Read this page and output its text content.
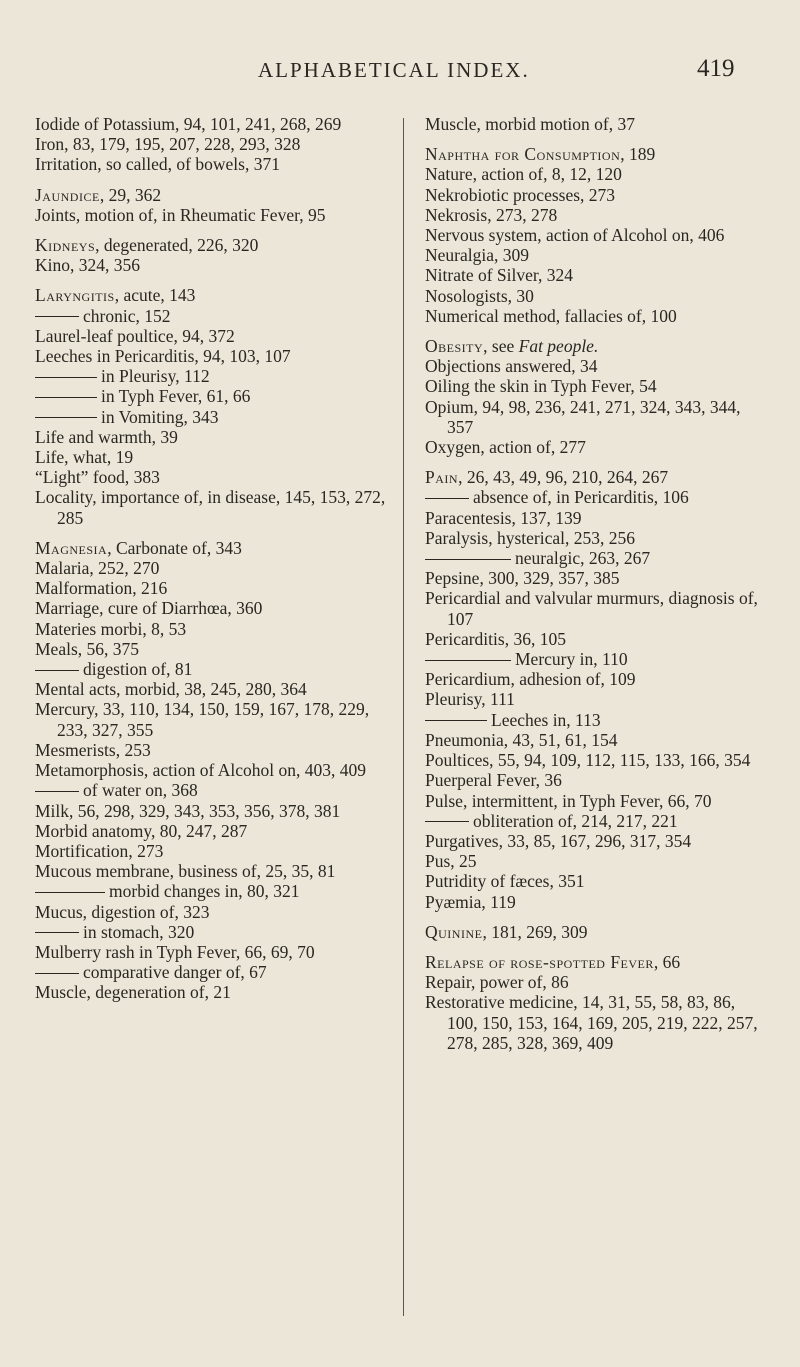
ALPHABETICAL INDEX.	419
Iodide of Potassium, 94, 101, 241, 268, 269
Iron, 83, 179, 195, 207, 228, 293, 328
Irritation, so called, of bowels, 371
Jaundice, 29, 362
Joints, motion of, in Rheumatic Fever, 95
Kidneys, degenerated, 226, 320
Kino, 324, 356
Laryngitis, acute, 143
chronic, 152
Laurel-leaf poultice, 94, 372
Leeches in Pericarditis, 94, 103, 107
in Pleurisy, 112
in Typh Fever, 61, 66
in Vomiting, 343
Life and warmth, 39
Life, what, 19
“Light” food, 383
Locality, importance of, in disease, 145, 153, 272, 285
Magnesia, Carbonate of, 343
Malaria, 252, 270
Malformation, 216
Marriage, cure of Diarrhœa, 360
Materies morbi, 8, 53
Meals, 56, 375
digestion of, 81
Mental acts, morbid, 38, 245, 280, 364
Mercury, 33, 110, 134, 150, 159, 167, 178, 229, 233, 327, 355
Mesmerists, 253
Metamorphosis, action of Alcohol on, 403, 409
of water on, 368
Milk, 56, 298, 329, 343, 353, 356, 378, 381
Morbid anatomy, 80, 247, 287
Mortification, 273
Mucous membrane, business of, 25, 35, 81
morbid changes in, 80, 321
Mucus, digestion of, 323
in stomach, 320
Mulberry rash in Typh Fever, 66, 69, 70
comparative danger of, 67
Muscle, degeneration of, 21
Muscle, morbid motion of, 37
Naphtha for Consumption, 189
Nature, action of, 8, 12, 120
Nekrobiotic processes, 273
Nekrosis, 273, 278
Nervous system, action of Alcohol on, 406
Neuralgia, 309
Nitrate of Silver, 324
Nosologists, 30
Numerical method, fallacies of, 100
Obesity, see Fat people.
Objections answered, 34
Oiling the skin in Typh Fever, 54
Opium, 94, 98, 236, 241, 271, 324, 343, 344, 357
Oxygen, action of, 277
Pain, 26, 43, 49, 96, 210, 264, 267
absence of, in Pericarditis, 106
Paracentesis, 137, 139
Paralysis, hysterical, 253, 256
neuralgic, 263, 267
Pepsine, 300, 329, 357, 385
Pericardial and valvular murmurs, diagnosis of, 107
Pericarditis, 36, 105
Mercury in, 110
Pericardium, adhesion of, 109
Pleurisy, 111
Leeches in, 113
Pneumonia, 43, 51, 61, 154
Poultices, 55, 94, 109, 112, 115, 133, 166, 354
Puerperal Fever, 36
Pulse, intermittent, in Typh Fever, 66, 70
obliteration of, 214, 217, 221
Purgatives, 33, 85, 167, 296, 317, 354
Pus, 25
Putridity of fæces, 351
Pyæmia, 119
Quinine, 181, 269, 309
Relapse of rose-spotted Fever, 66
Repair, power of, 86
Restorative medicine, 14, 31, 55, 58, 83, 86, 100, 150, 153, 164, 169, 205, 219, 222, 257, 278, 285, 328, 369, 409
